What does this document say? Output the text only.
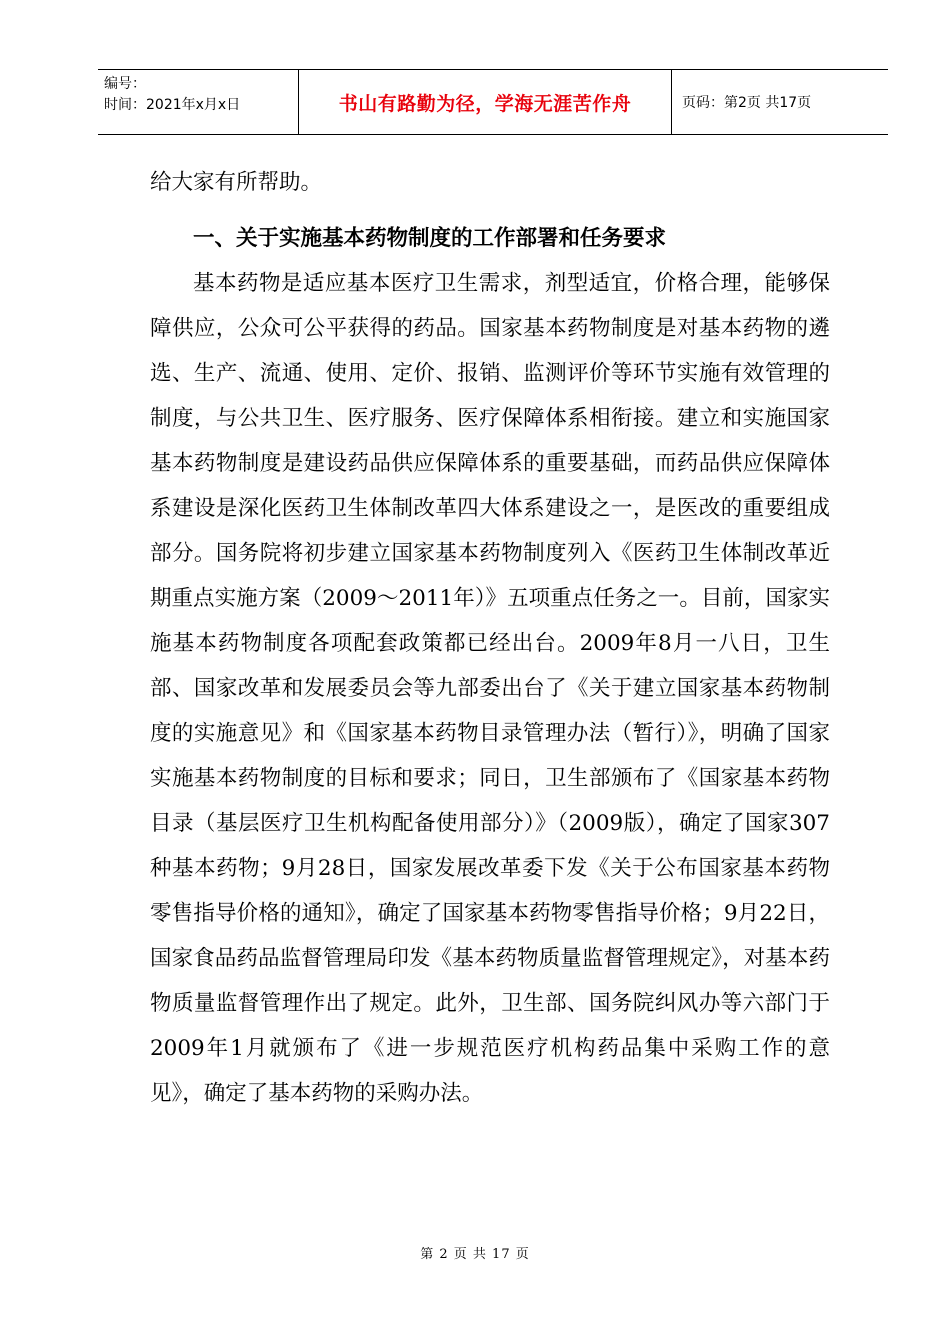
编号：
时间：2021年x月x日	书山有路勤为径，学海无涯苦作舟	页码：第2页 共17页

给大家有所帮助。

一、关于实施基本药物制度的工作部署和任务要求

基本药物是适应基本医疗卫生需求，剂型适宜，价格合理，能够保障供应，公众可公平获得的药品。国家基本药物制度是对基本药物的遴选、生产、流通、使用、定价、报销、监测评价等环节实施有效管理的制度，与公共卫生、医疗服务、医疗保障体系相衔接。建立和实施国家基本药物制度是建设药品供应保障体系的重要基础，而药品供应保障体系建设是深化医药卫生体制改革四大体系建设之一，是医改的重要组成部分。国务院将初步建立国家基本药物制度列入《医药卫生体制改革近期重点实施方案（2009～2011年）》五项重点任务之一。目前，国家实施基本药物制度各项配套政策都已经出台。2009年8月一八日，卫生部、国家改革和发展委员会等九部委出台了《关于建立国家基本药物制度的实施意见》和《国家基本药物目录管理办法（暂行）》，明确了国家实施基本药物制度的目标和要求；同日，卫生部颁布了《国家基本药物目录（基层医疗卫生机构配备使用部分）》（2009版），确定了国家307种基本药物；9月28日，国家发展改革委下发《关于公布国家基本药物零售指导价格的通知》，确定了国家基本药物零售指导价格；9月22日，国家食品药品监督管理局印发《基本药物质量监督管理规定》，对基本药物质量监督管理作出了规定。此外，卫生部、国务院纠风办等六部门于2009年1月就颁布了《进一步规范医疗机构药品集中采购工作的意见》，确定了基本药物的采购办法。

第 2 页 共 17 页
